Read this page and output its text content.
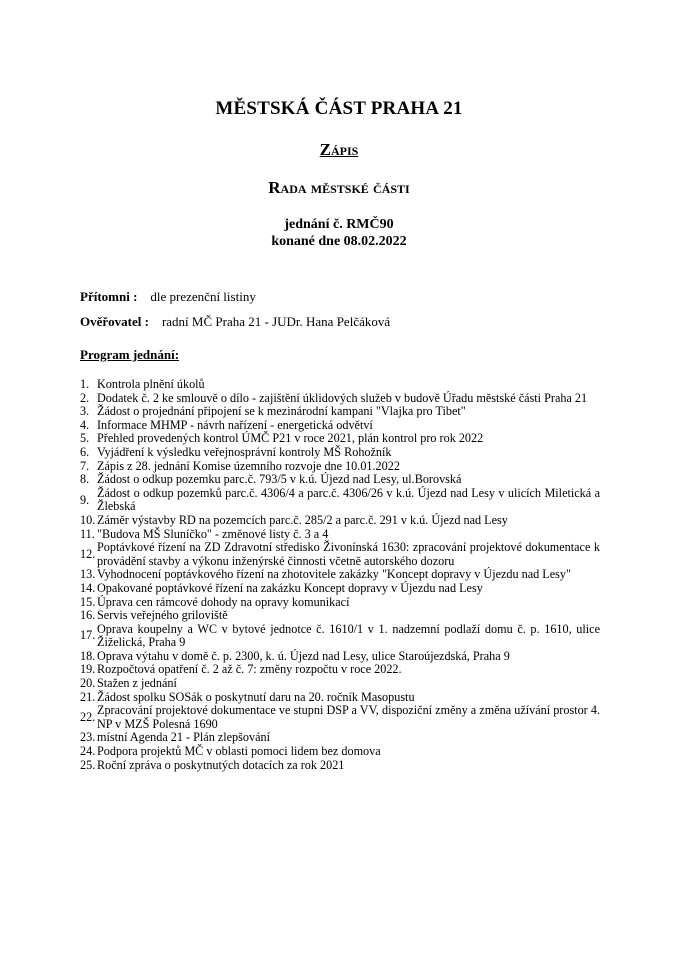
MĚSTSKÁ ČÁST PRAHA 21
Zápis
Rada městské části
jednání č. RMČ90
konané dne 08.02.2022
Přítomni : dle prezenční listiny
Ověřovatel : radní MČ Praha 21 - JUDr. Hana Pelčáková
Program jednání:
1. Kontrola plnění úkolů
2. Dodatek č. 2 ke smlouvě o dílo - zajištění úklidových služeb v budově Úřadu městské části Praha 21
3. Žádost o projednání připojení se k mezinárodní kampani "Vlajka pro Tibet"
4. Informace MHMP - návrh nařízení - energetická odvětví
5. Přehled provedených kontrol ÚMČ P21 v roce 2021, plán kontrol pro rok 2022
6. Vyjádření k výsledku veřejnosprávní kontroly MŠ Rohožník
7. Zápis z 28. jednání Komise územního rozvoje dne 10.01.2022
8. Žádost o odkup pozemku parc.č. 793/5 v k.ú. Újezd nad Lesy, ul.Borovská
9. Žádost o odkup pozemků parc.č. 4306/4 a parc.č. 4306/26 v k.ú. Újezd nad Lesy v ulicích Miletická a Žlebská
10. Záměr výstavby RD na pozemcích parc.č. 285/2 a parc.č. 291 v k.ú. Újezd nad Lesy
11. "Budova MŠ Sluníčko" - změnové listy č. 3 a 4
12. Poptávkové řízení na ZD Zdravotní středisko Živonínská 1630: zpracování projektové dokumentace k provádění stavby a výkonu inženýrské činnosti včetně autorského dozoru
13. Vyhodnocení poptávkového řízení na zhotovitele zakázky "Koncept dopravy v Újezdu nad Lesy"
14. Opakované poptávkové řízení na zakázku Koncept dopravy v Újezdu nad Lesy
15. Úprava cen rámcové dohody na opravy komunikací
16. Servis veřejného griloviště
17. Oprava koupelny a WC v bytové jednotce č. 1610/1 v 1. nadzemní podlaží domu č. p. 1610, ulice Žiželická, Praha 9
18. Oprava výtahu v domě č. p. 2300, k. ú. Újezd nad Lesy, ulice Staroújezdská, Praha 9
19. Rozpočtová opatření č. 2 až č. 7: změny rozpočtu v roce 2022.
20. Stažen z jednání
21. Žádost spolku SOSák o poskytnutí daru na 20. ročník Masopustu
22. Zpracování projektové dokumentace ve stupni DSP a VV, dispoziční změny a změna užívání prostor 4. NP v MZŠ Polesná 1690
23. místní Agenda 21 - Plán zlepšování
24. Podpora projektů MČ v oblasti pomoci lidem bez domova
25. Roční zpráva o poskytnutých dotacích za rok 2021
